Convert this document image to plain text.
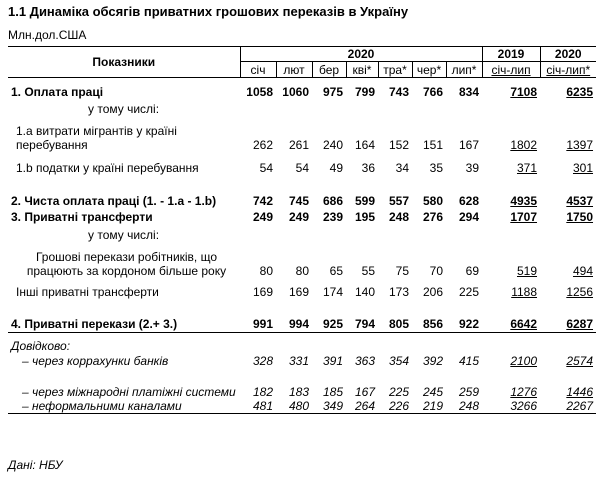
1.1 Динаміка обсягів приватних грошових переказів в Україну
Млн.дол.США
Показники	2020							2019	2020
	січ	лют	бер	кві*	тра*	чер*	лип*	січ-лип	січ-лип*

1. Оплата праці	1058	1060	975	799	743	766	834	7108	6235
у тому числі:									
1.а витрати мігрантів у країні перебування	262	261	240	164	152	151	167	1802	1397

1.b податки у країні перебування	54	54	49	36	34	35	39	371	301
2. Чиста оплата праці (1. - 1.a - 1.b)	742	745	686	599	557	580	628	4935	4537
3. Приватні трансферти	249	249	239	195	248	276	294	1707	1750
у тому числі:									
Грошові перекази робітників, що працюють за кордоном більше року	80	80	65	55	75	70	69	519	494

Інші приватні трансферти	169	169	174	140	173	206	225	1188	1256

4. Приватні перекази (2.+ 3.)	991	994	925	794	805	856	922	6642	6287

Довідково:									
– через коррахунки банків	328	331	391	363	354	392	415	2100	2574
– через міжнародні платіжні системи	182	183	185	167	225	245	259	1276	1446
– неформальними каналами	481	480	349	264	226	219	248	3266	2267
Дані: НБУ
